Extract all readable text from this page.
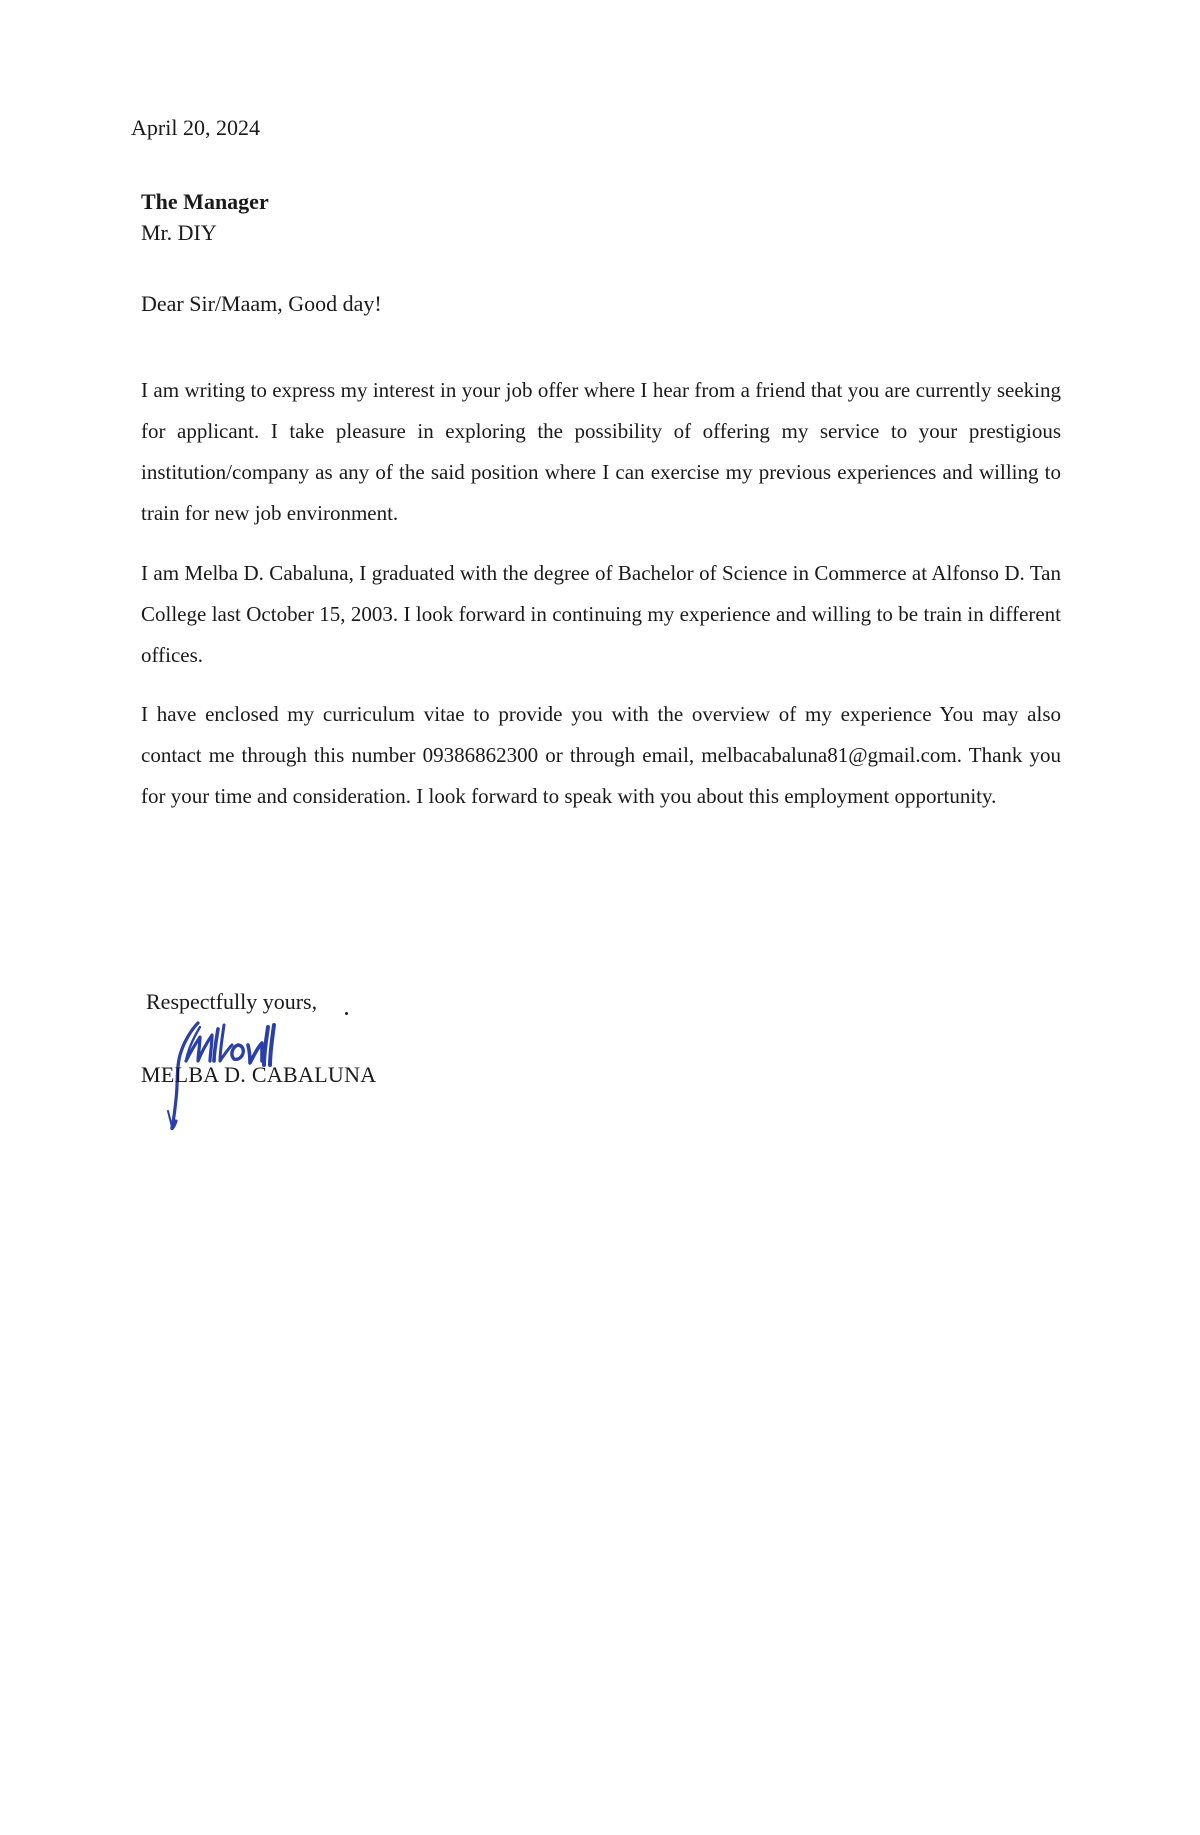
April 20, 2024
The Manager
Mr. DIY
Dear Sir/Maam, Good day!

I am writing to express my interest in your job offer where I hear from a friend that you are currently seeking for applicant. I take pleasure in exploring the possibility of offering my service to your prestigious institution/company as any of the said position where I can exercise my previous experiences and willing to train for new job environment.

I am Melba D. Cabaluna, I graduated with the degree of Bachelor of Science in Commerce at Alfonso D. Tan College last October 15, 2003. I look forward in continuing my experience and willing to be train in different offices.

I have enclosed my curriculum vitae to provide you with the overview of my experience You may also contact me through this number 09386862300 or through email, melbacabaluna81@gmail.com. Thank you for your time and consideration. I look forward to speak with you about this employment opportunity.

Respectfully yours,
MELBA D. CABALUNA
